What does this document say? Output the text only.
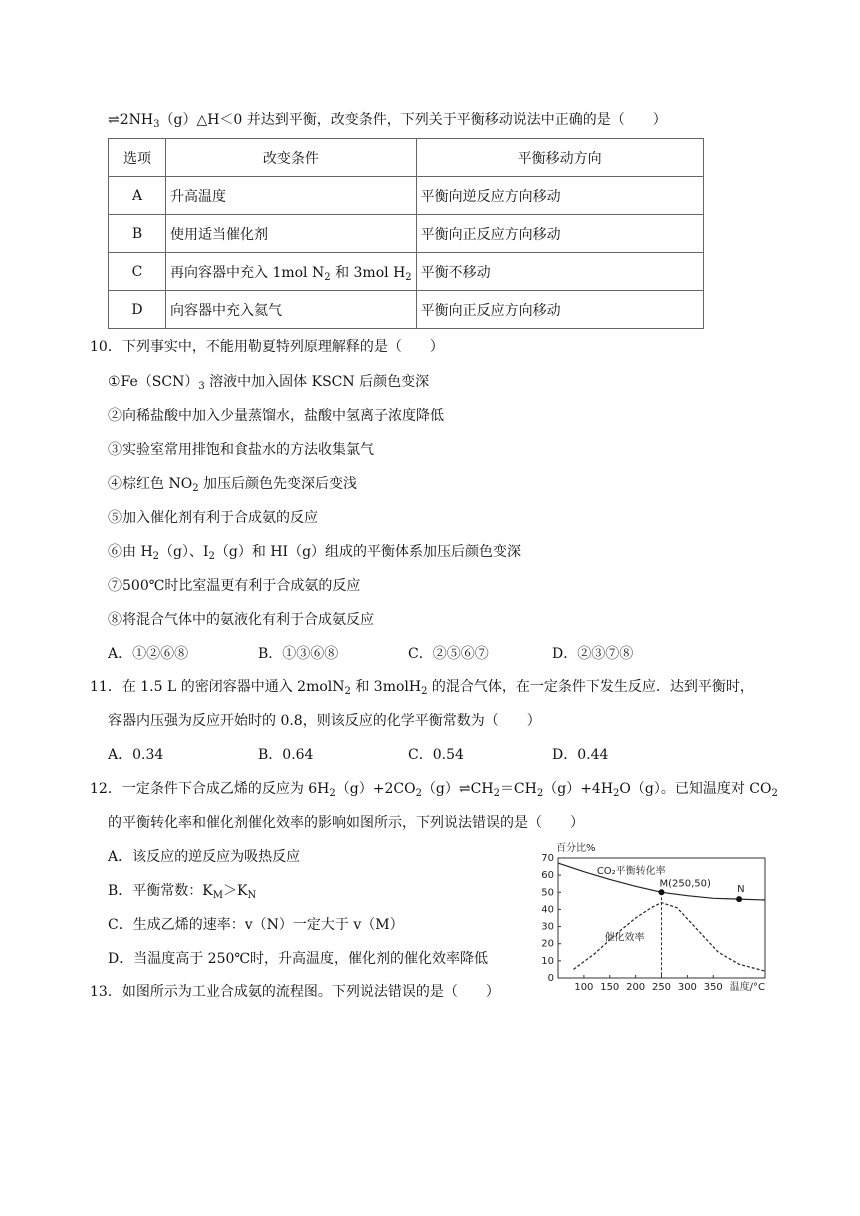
$\rightleftharpoons 2NH_3(g)\triangle H<0$ 并达到平衡，改变条件，下列关于平衡移动说法中正确的是（　　）
选项	改变条件	平衡移动方向
A	升高温度	平衡向逆反应方向移动
B	使用适当催化剂	平衡向正反应方向移动
C	再向容器中充入 1mol $N_2$ 和 3mol $H_2$	平衡不移动
D	向容器中充入氦气	平衡向正反应方向移动
10．下列事实中，不能用勒夏特列原理解释的是（　　）
$①Fe(SCN)_3$ 溶液中加入固体 KSCN 后颜色变深
②向稀盐酸中加入少量蒸馏水，盐酸中氢离子浓度降低
③实验室常用排饱和食盐水的方法收集氯气
④棕红色 $NO_2$ 加压后颜色先变深后变浅
⑤加入催化剂有利于合成氨的反应
⑥由 $H_2(g)$、$I_2(g)$和 HI（g）组成的平衡体系加压后颜色变深
⑦500℃时比室温更有利于合成氨的反应
⑧将混合气体中的氨液化有利于合成氨反应
A．①②⑥⑧	B．①③⑥⑧	C．②⑤⑥⑦	D．②③⑦⑧
11．在 1.5 L 的密闭容器中通入 2molN$_2$ 和 3molH$_2$ 的混合气体，在一定条件下发生反应．达到平衡时，
容器内压强为反应开始时的 0.8，则该反应的化学平衡常数为（　　）
A．0.34	B．0.64	C．0.54	D．0.44
12．一定条件下合成乙烯的反应为 $6H_2(g)+2CO_2(g)\rightleftharpoons CH_2=CH_2(g)+4H_2O(g)$。已知温度对 $CO_2$
的平衡转化率和催化剂催化效率的影响如图所示，下列说法错误的是（　　）
A．该反应的逆反应为吸热反应
B．平衡常数：$K_M>K_N$
C．生成乙烯的速率：v（N）一定大于 v（M）
D．当温度高于 250℃时，升高温度，催化剂的催化效率降低
13．如图所示为工业合成氨的流程图。下列说法错误的是（　　）
0
10
20
30
40
50
60
70
100 150 200 250 300 350
百分比%
温度/°C
CO₂平衡转化率
催化效率
M(250,50)
N
